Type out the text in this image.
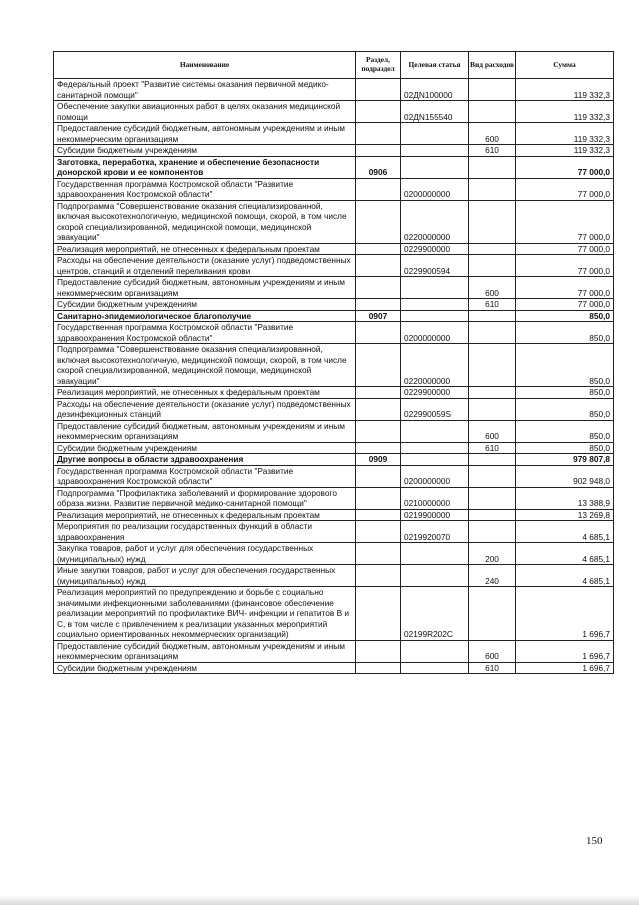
Наименование	Раздел, подраздел	Целевая статья	Вид расходов	Сумма
Федеральный проект "Развитие системы оказания первичной медико-санитарной помощи"		02ДN100000		119 332,3
Обеспечение закупки авиационных работ в целях оказания медицинской помощи		02ДN155540		119 332,3
Предоставление субсидий бюджетным, автономным учреждениям и иным некоммерческим организациям			600	119 332,3
Субсидии бюджетным учреждениям			610	119 332,3
Заготовка, переработка, хранение и обеспечение безопасности донорской крови и ее компонентов	0906			77 000,0
Государственная программа Костромской области "Развитие здравоохранения Костромской области"		0200000000		77 000,0
Подпрограмма "Совершенствование оказания специализированной, включая высокотехнологичную, медицинской помощи, скорой, в том числе скорой специализированной, медицинской помощи, медицинской эвакуации"		0220000000		77 000,0
Реализация мероприятий, не отнесенных к федеральным проектам		0229900000		77 000,0
Расходы на обеспечение деятельности (оказание услуг) подведомственных центров, станций и отделений переливания крови		0229900594		77 000,0
Предоставление субсидий бюджетным, автономным учреждениям и иным некоммерческим организациям			600	77 000,0
Субсидии бюджетным учреждениям			610	77 000,0
Санитарно-эпидемиологическое благополучие	0907			850,0
Государственная программа Костромской области "Развитие здравоохранения Костромской области"		0200000000		850,0
Подпрограмма "Совершенствование оказания специализированной, включая высокотехнологичную, медицинской помощи, скорой, в том числе скорой специализированной, медицинской помощи, медицинской эвакуации"		0220000000		850,0
Реализация мероприятий, не отнесенных к федеральным проектам		0229900000		850,0
Расходы на обеспечение деятельности (оказание услуг) подведомственных дезинфекционных станций		022990059S		850,0
Предоставление субсидий бюджетным, автономным учреждениям и иным некоммерческим организациям			600	850,0
Субсидии бюджетным учреждениям			610	850,0
Другие вопросы в области здравоохранения	0909			979 807,8
Государственная программа Костромской области "Развитие здравоохранения Костромской области"		0200000000		902 948,0
Подпрограмма "Профилактика заболеваний и формирование здорового образа жизни. Развитие первичной медико-санитарной помощи"		0210000000		13 388,9
Реализация мероприятий, не отнесенных к федеральным проектам		0219900000		13 269,8
Мероприятия по реализации государственных функций в области здравоохранения		0219920070		4 685,1
Закупка товаров, работ и услуг для обеспечения государственных (муниципальных) нужд			200	4 685,1
Иные закупки товаров, работ и услуг для обеспечения государственных (муниципальных) нужд			240	4 685,1
Реализация мероприятий по предупреждению и борьбе с социально значимыми инфекционными заболеваниями (финансовое обеспечение реализации мероприятий по профилактике ВИЧ- инфекции и гепатитов В и С, в том числе с привлечением к реализации указанных мероприятий социально ориентированных некоммерческих организаций)		02199R202C		1 696,7
Предоставление субсидий бюджетным, автономным учреждениям и иным некоммерческим организациям			600	1 696,7
Субсидии бюджетным учреждениям			610	1 696,7
150
